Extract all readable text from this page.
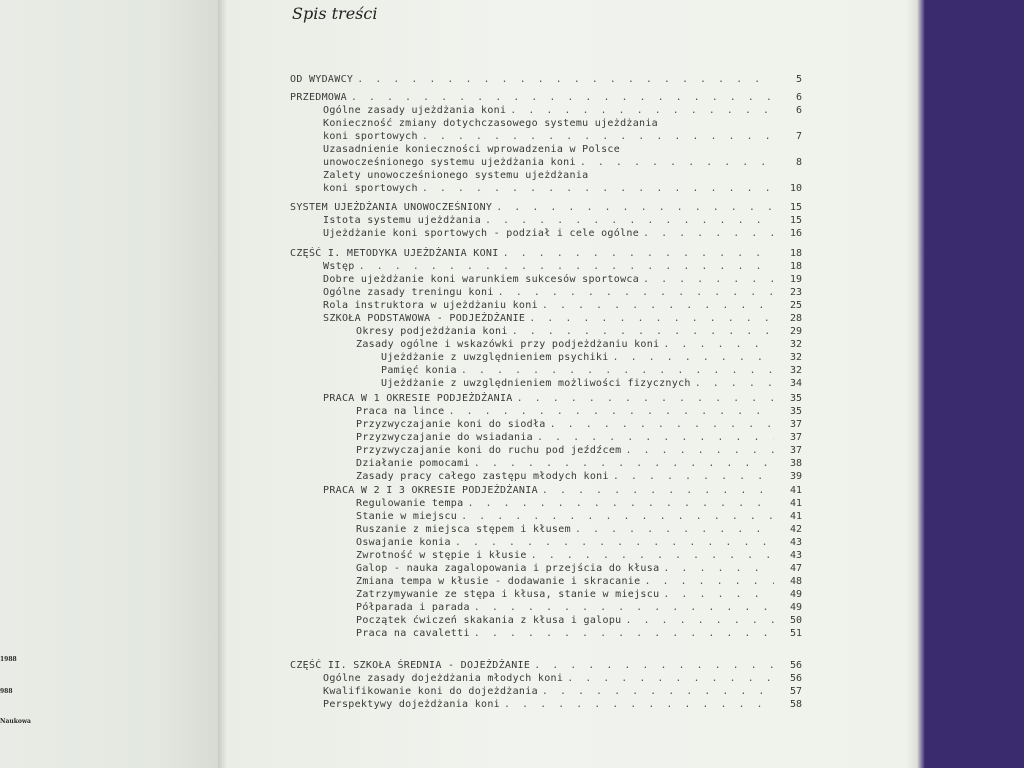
1988
988
Naukowa
Spis treści
OD WYDAWCY . . .	5
PRZEDMOWA . . .	6
Ogólne zasady ujeżdżania koni . . .	6
Konieczność zmiany dotychczasowego systemu ujeżdżania
koni sportowych . . .	7
Uzasadnienie konieczności wprowadzenia w Polsce
unowocześnionego systemu ujeżdżania koni . . .	8
Zalety unowocześnionego systemu ujeżdżania
koni sportowych . . .	10
SYSTEM UJEŻDŻANIA UNOWOCZEŚNIONY . . .	15
Istota systemu ujeżdżania . . .	15
Ujeżdżanie koni sportowych - podział i cele ogólne . . .	16
CZĘŚĆ I. METODYKA UJEŻDŻANIA KONI . . .	18
Wstęp . . .	18
Dobre ujeżdżanie koni warunkiem sukcesów sportowca . . .	19
Ogólne zasady treningu koni . . .	23
Rola instruktora w ujeżdżaniu koni . . .	25
SZKOŁA PODSTAWOWA - PODJEŻDŻANIE . . .	28
Okresy podjeżdżania koni . . .	29
Zasady ogólne i wskazówki przy podjeżdżaniu koni . . .	32
Ujeżdżanie z uwzględnieniem psychiki . . .	32
Pamięć konia . . .	32
Ujeżdżanie z uwzględnieniem możliwości fizycznych . . .	34
PRACA W 1 OKRESIE PODJEŻDŻANIA . . .	35
Praca na lince . . .	35
Przyzwyczajanie koni do siodła . . .	37
Przyzwyczajanie do wsiadania . . .	37
Przyzwyczajanie koni do ruchu pod jeźdźcem . . .	37
Działanie pomocami . . .	38
Zasady pracy całego zastępu młodych koni . . .	39
PRACA W 2 I 3 OKRESIE PODJEŻDŻANIA . . .	41
Regulowanie tempa . . .	41
Stanie w miejscu . . .	41
Ruszanie z miejsca stępem i kłusem . . .	42
Oswajanie konia . . .	43
Zwrotność w stępie i kłusie . . .	43
Galop - nauka zagalopowania i przejścia do kłusa . . .	47
Zmiana tempa w kłusie - dodawanie i skracanie . . .	48
Zatrzymywanie ze stępa i kłusa, stanie w miejscu . . .	49
Półparada i parada . . .	49
Początek ćwiczeń skakania z kłusa i galopu . . .	50
Praca na cavaletti . . .	51
CZĘŚĆ II. SZKOŁA ŚREDNIA - DOJEŻDŻANIE . . .	56
Ogólne zasady dojeżdżania młodych koni . . .	56
Kwalifikowanie koni do dojeżdżania . . .	57
Perspektywy dojeżdżania koni . . .	58
